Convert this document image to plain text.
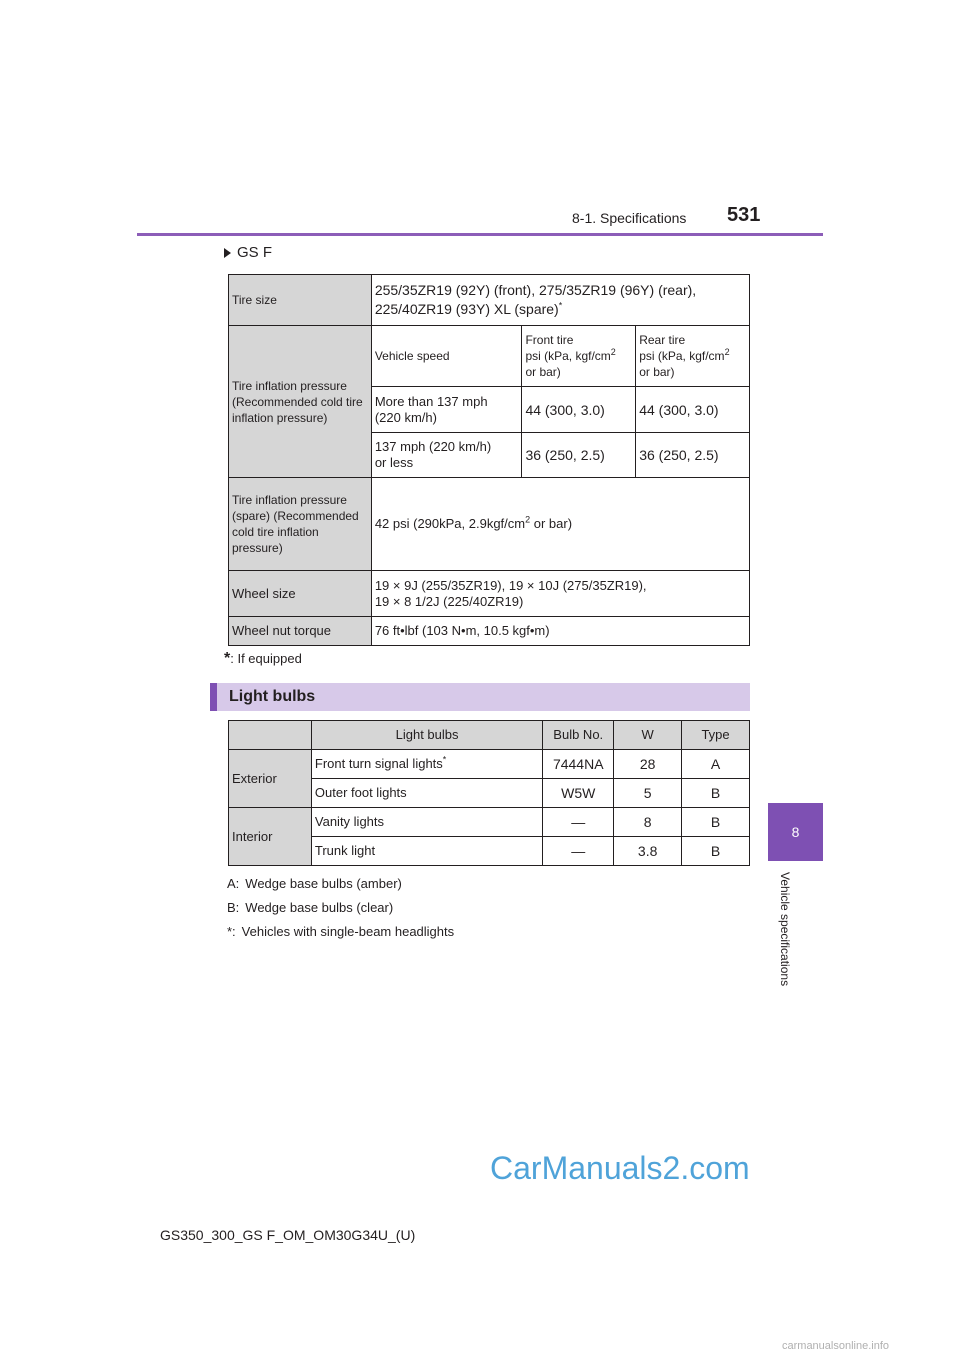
8-1. Specifications 531
8
Vehicle specifications
GS F
Tire size	255/35ZR19 (92Y) (front), 275/35ZR19 (96Y) (rear),
225/40ZR19 (93Y) XL (spare)*
Tire inflation pressure (Recommended cold tire inflation pressure)	Vehicle speed	Front tire
psi (kPa, kgf/$cm^2$
or bar)	Rear tire
psi (kPa, kgf/$cm^2$
or bar)
	More than 137 mph
(220 km/h)	44 (300, 3.0)	44 (300, 3.0)
	137 mph (220 km/h)
or less	36 (250, 2.5)	36 (250, 2.5)
Tire inflation pressure (spare) (Recommended cold tire inflation pressure)	42 psi (290kPa, $2.9kgf/cm^2$ or bar)		
Wheel size	19 × 9J (255/35ZR19), 19 × 10J (275/35ZR19),
19 × 8 1/2J (225/40ZR19)		
Wheel nut torque	76 ft•lbf (103 N•m, 10.5 kgf•m)		
*: If equipped
Light bulbs
	Light bulbs	Bulb No.	W	Type
Exterior	Front turn signal lights*	7444NA	28	A
	Outer foot lights	W5W	5	B
Interior	Vanity lights	—	8	B
	Trunk light	—	3.8	B
A: Wedge base bulbs (amber)
B: Wedge base bulbs (clear)
*: Vehicles with single-beam headlights
CarManuals2.com
GS350_300_GS F_OM_OM30G34U_(U)
carmanualsonline.info
